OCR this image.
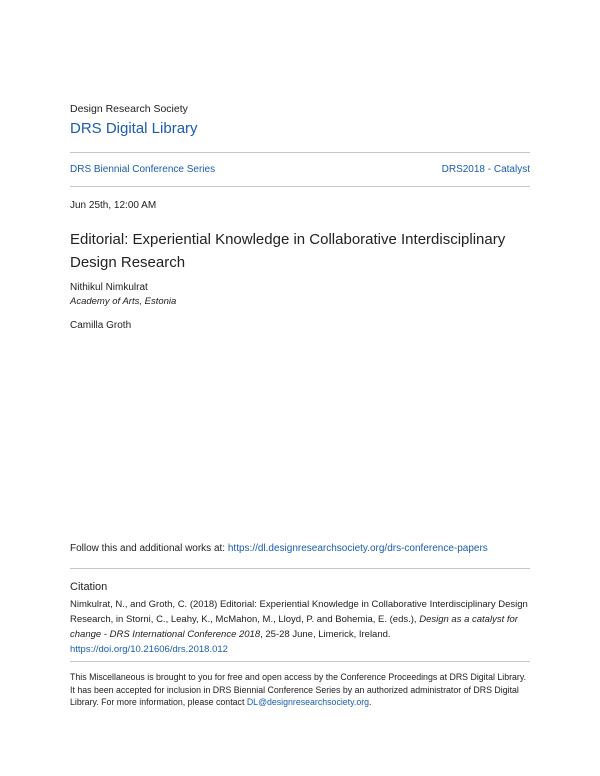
Design Research Society
DRS Digital Library
DRS Biennial Conference Series	DRS2018 - Catalyst
Jun 25th, 12:00 AM
Editorial: Experiential Knowledge in Collaborative Interdisciplinary Design Research
Nithikul Nimkulrat
Academy of Arts, Estonia
Camilla Groth
Follow this and additional works at: https://dl.designresearchsociety.org/drs-conference-papers
Citation
Nimkulrat, N., and Groth, C. (2018) Editorial: Experiential Knowledge in Collaborative Interdisciplinary Design Research, in Storni, C., Leahy, K., McMahon, M., Lloyd, P. and Bohemia, E. (eds.), Design as a catalyst for change - DRS International Conference 2018, 25-28 June, Limerick, Ireland. https://doi.org/10.21606/drs.2018.012
This Miscellaneous is brought to you for free and open access by the Conference Proceedings at DRS Digital Library. It has been accepted for inclusion in DRS Biennial Conference Series by an authorized administrator of DRS Digital Library. For more information, please contact DL@designresearchsociety.org.
